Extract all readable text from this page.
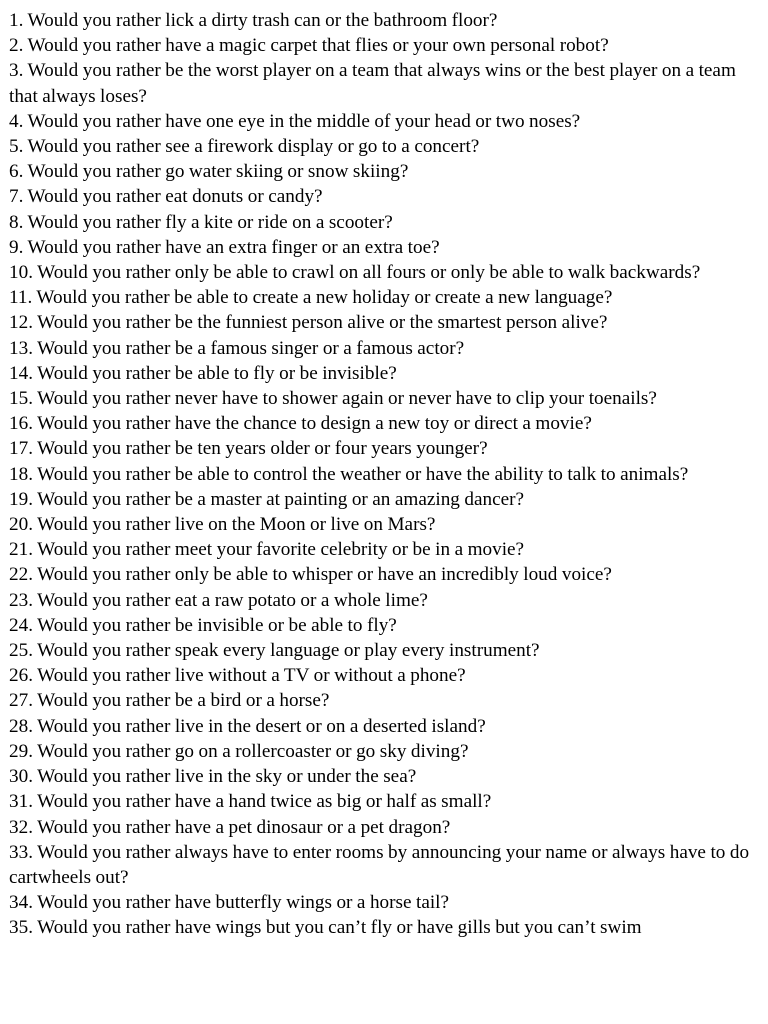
1. Would you rather lick a dirty trash can or the bathroom floor?

2. Would you rather have a magic carpet that flies or your own personal robot?

3. Would you rather be the worst player on a team that always wins or the best player on a team that always loses?

4. Would you rather have one eye in the middle of your head or two noses?

5. Would you rather see a firework display or go to a concert?

6. Would you rather go water skiing or snow skiing?

7. Would you rather eat donuts or candy?

8. Would you rather fly a kite or ride on a scooter?

9. Would you rather have an extra finger or an extra toe?

10. Would you rather only be able to crawl on all fours or only be able to walk backwards?

11. Would you rather be able to create a new holiday or create a new language?

12. Would you rather be the funniest person alive or the smartest person alive?

13. Would you rather be a famous singer or a famous actor?

14. Would you rather be able to fly or be invisible?

15. Would you rather never have to shower again or never have to clip your toenails?

16. Would you rather have the chance to design a new toy or direct a movie?

17. Would you rather be ten years older or four years younger?

18. Would you rather be able to control the weather or have the ability to talk to animals?

19. Would you rather be a master at painting or an amazing dancer?

20. Would you rather live on the Moon or live on Mars?

21. Would you rather meet your favorite celebrity or be in a movie?

22. Would you rather only be able to whisper or have an incredibly loud voice?

23. Would you rather eat a raw potato or a whole lime?

24. Would you rather be invisible or be able to fly?

25. Would you rather speak every language or play every instrument?

26. Would you rather live without a TV or without a phone?

27. Would you rather be a bird or a horse?

28. Would you rather live in the desert or on a deserted island?

29. Would you rather go on a rollercoaster or go sky diving?

30. Would you rather live in the sky or under the sea?

31. Would you rather have a hand twice as big or half as small?

32. Would you rather have a pet dinosaur or a pet dragon?

33. Would you rather always have to enter rooms by announcing your name or always have to do cartwheels out?

34. Would you rather have butterfly wings or a horse tail?

35. Would you rather have wings but you can’t fly or have gills but you can’t swim
